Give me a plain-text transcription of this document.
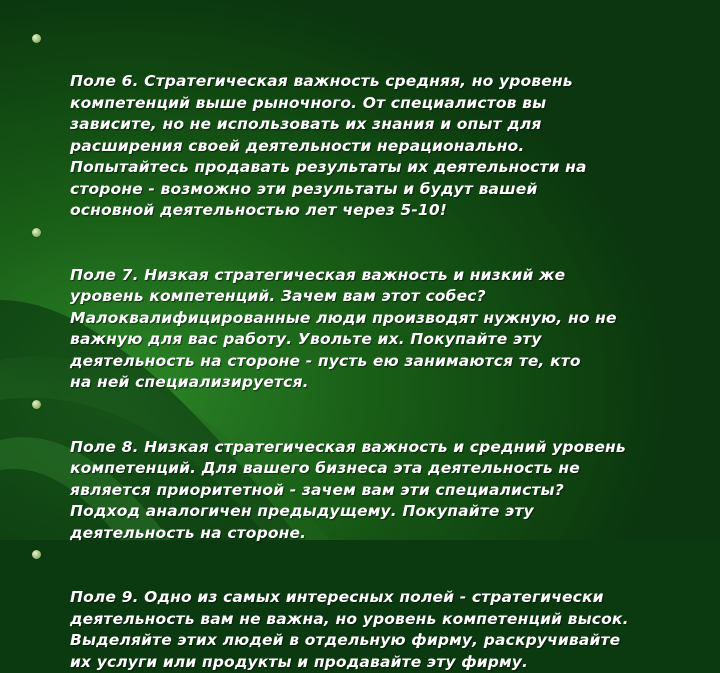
Поле 6. Стратегическая важность средняя, но уровень
компетенций выше рыночного. От специалистов вы
зависите, но не использовать их знания и опыт для
расширения своей деятельности нерационально.
Попытайтесь продавать результаты их деятельности на
стороне - возможно эти результаты и будут вашей
основной деятельностью лет через 5-10!

Поле 7. Низкая стратегическая важность и низкий же
уровень компетенций. Зачем вам этот собес?
Малоквалифицированные люди производят нужную, но не
важную для вас работу. Увольте их. Покупайте эту
деятельность на стороне - пусть ею занимаются те, кто
на ней специализируется.

Поле 8. Низкая стратегическая важность и средний уровень
компетенций. Для вашего бизнеса эта деятельность не
является приоритетной - зачем вам эти специалисты?
Подход аналогичен предыдущему. Покупайте эту
деятельность на стороне.

Поле 9. Одно из самых интересных полей - стратегически
деятельность вам не важна, но уровень компетенций высок.
Выделяйте этих людей в отдельную фирму, раскручивайте
их услуги или продукты и продавайте эту фирму.
